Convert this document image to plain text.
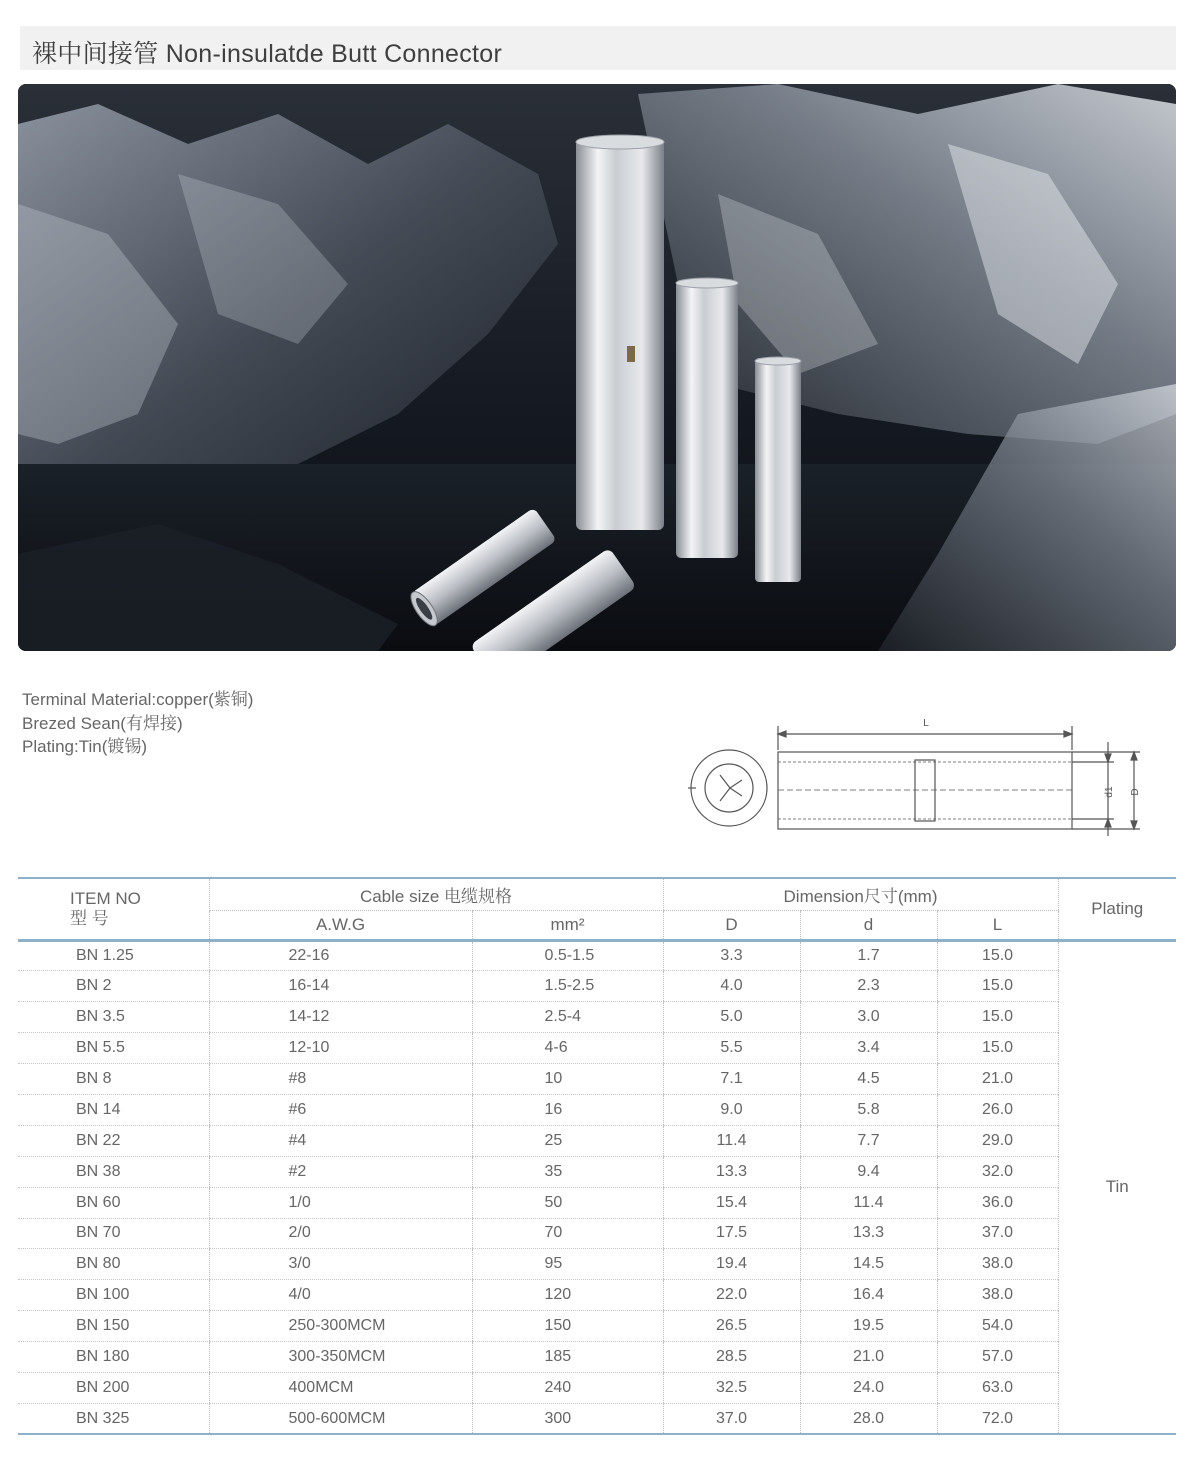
裸中间接管 Non-insulatde Butt Connector
Terminal Material:copper(紫铜)
Brezed Sean(有焊接)
Plating:Tin(镀锡)
L
d1 D
ITEM NO
型 号	Cable size 电缆规格		Dimension尺寸(mm)			Plating
	A.W.G	mm²	D	d	L	
BN 1.25	22-16	0.5-1.5	3.3	1.7	15.0	Tin
BN 2	16-14	1.5-2.5	4.0	2.3	15.0	
BN 3.5	14-12	2.5-4	5.0	3.0	15.0	
BN 5.5	12-10	4-6	5.5	3.4	15.0	
BN 8	#8	10	7.1	4.5	21.0	
BN 14	#6	16	9.0	5.8	26.0	
BN 22	#4	25	11.4	7.7	29.0	
BN 38	#2	35	13.3	9.4	32.0	
BN 60	1/0	50	15.4	11.4	36.0	
BN 70	2/0	70	17.5	13.3	37.0	
BN 80	3/0	95	19.4	14.5	38.0	
BN 100	4/0	120	22.0	16.4	38.0	
BN 150	250-300MCM	150	26.5	19.5	54.0	
BN 180	300-350MCM	185	28.5	21.0	57.0	
BN 200	400MCM	240	32.5	24.0	63.0	
BN 325	500-600MCM	300	37.0	28.0	72.0	
